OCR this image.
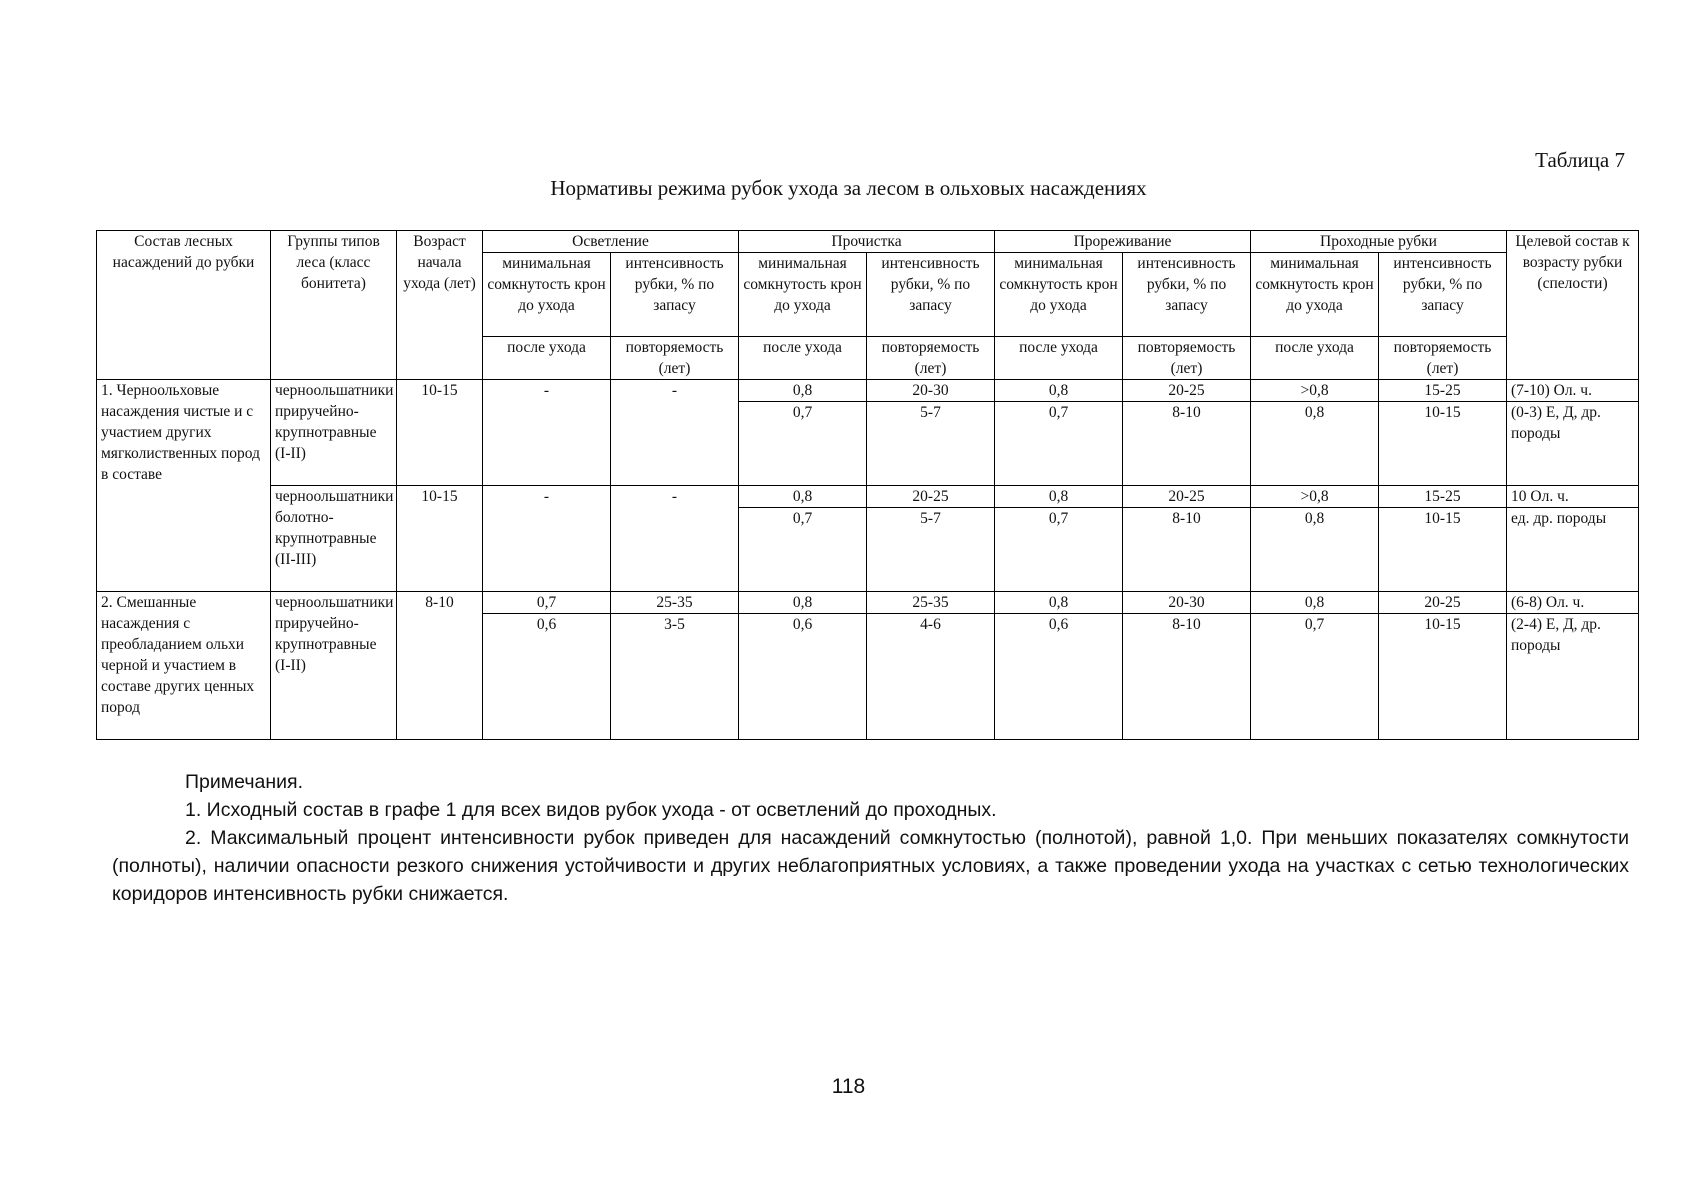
Таблица 7
Нормативы режима рубок ухода за лесом в ольховых насаждениях
Состав лесных насаждений до рубки	Группы типов леса (класс бонитета)	Возраст начала ухода (лет)	Осветление		Прочистка		Прореживание		Проходные рубки		Целевой состав к возрасту рубки (спелости)
			минимальная сомкнутость крон до ухода	интенсивность рубки, % по запасу	минимальная сомкнутость крон до ухода	интенсивность рубки, % по запасу	минимальная сомкнутость крон до ухода	интенсивность рубки, % по запасу	минимальная сомкнутость крон до ухода	интенсивность рубки, % по запасу	
			после ухода	повторяемость (лет)	после ухода	повторяемость (лет)	после ухода	повторяемость (лет)	после ухода	повторяемость (лет)	
1. Черноольховые насаждения чистые и с участием других мягколиственных пород в составе	черноольшатники приручейно-крупнотравные (I-II)	10-15	-	-	0,8	20-30	0,8	20-25	>0,8	15-25	(7-10) Ол. ч.
					0,7	5-7	0,7	8-10	0,8	10-15	(0-3) Е, Д, др. породы
	черноольшатники болотно-крупнотравные (II-III)	10-15	-	-	0,8	20-25	0,8	20-25	>0,8	15-25	10 Ол. ч.
					0,7	5-7	0,7	8-10	0,8	10-15	ед. др. породы
2. Смешанные насаждения с преобладанием ольхи черной и участием в составе других ценных пород	черноольшатники приручейно-крупнотравные (I-II)	8-10	0,7	25-35	0,8	25-35	0,8	20-30	0,8	20-25	(6-8) Ол. ч.
			0,6	3-5	0,6	4-6	0,6	8-10	0,7	10-15	(2-4) Е, Д, др. породы

Примечания.

1. Исходный состав в графе 1 для всех видов рубок ухода - от осветлений до проходных.

2. Максимальный процент интенсивности рубок приведен для насаждений сомкнутостью (полнотой), равной 1,0. При меньших показателях сомкнутости (полноты), наличии опасности резкого снижения устойчивости и других неблагоприятных условиях, а также проведении ухода на участках с сетью технологических коридоров интенсивность рубки снижается.

118
